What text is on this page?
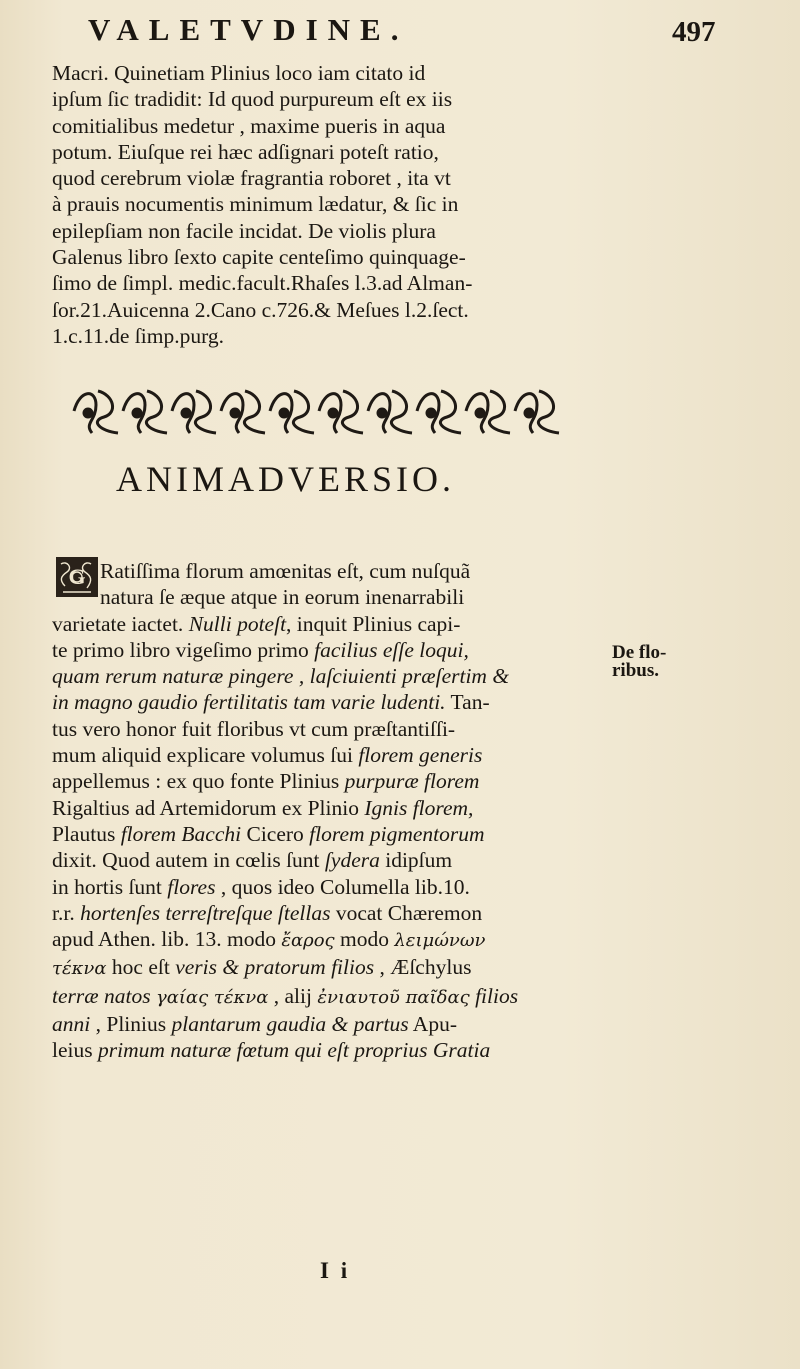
VALETVDINE.	497

Macri. Quinetiam Plinius loco iam citato id

ipſum ſic tradidit: Id quod purpureum eſt ex iis

comitialibus medetur , maxime pueris in aqua

potum. Eiuſque rei hæc adſignari poteſt ratio,

quod cerebrum violæ fragrantia roboret , ita vt

à prauis nocumentis minimum lædatur, & ſic in

epilepſiam non facile incidat. De violis plura

Galenus libro ſexto capite centeſimo quinquage-

ſimo de ſimpl. medic.facult.Rhaſes l.3.ad Alman-

ſor.21.Auicenna 2.Cano c.726.& Meſues l.2.ſect.

1.c.11.de ſimp.purg.

ANIMADVERSIO.
G Ratiſſima florum amœnitas eſt, cum nuſquã

natura ſe æque atque in eorum inenarrabili

varietate iactet. Nulli poteſt, inquit Plinius capi-

te primo libro vigeſimo primo facilius eſſe loqui,

quam rerum naturæ pingere , laſciuienti præſertim &

in magno gaudio fertilitatis tam varie ludenti. Tan-

tus vero honor fuit floribus vt cum præſtantiſſi-

mum aliquid explicare volumus ſui florem generis

appellemus : ex quo fonte Plinius purpuræ florem

Rigaltius ad Artemidorum ex Plinio Ignis florem,

Plautus florem Bacchi Cicero florem pigmentorum

dixit. Quod autem in cœlis ſunt ſydera idipſum

in hortis ſunt flores , quos ideo Columella lib.10.

r.r. hortenſes terreſtreſque ſtellas vocat Chæremon

apud Athen. lib. 13. modo ἔαρος modo λειμώνων

τέκνα hoc eſt veris & pratorum filios , Æſchylus

terræ natos γαίας τέκνα , alij ἐνιαυτοῦ παῖδας filios

anni , Plinius plantarum gaudia & partus Apu-

leius primum naturæ fœtum qui eſt proprius Gratia

De flo-

ribus.

I i
